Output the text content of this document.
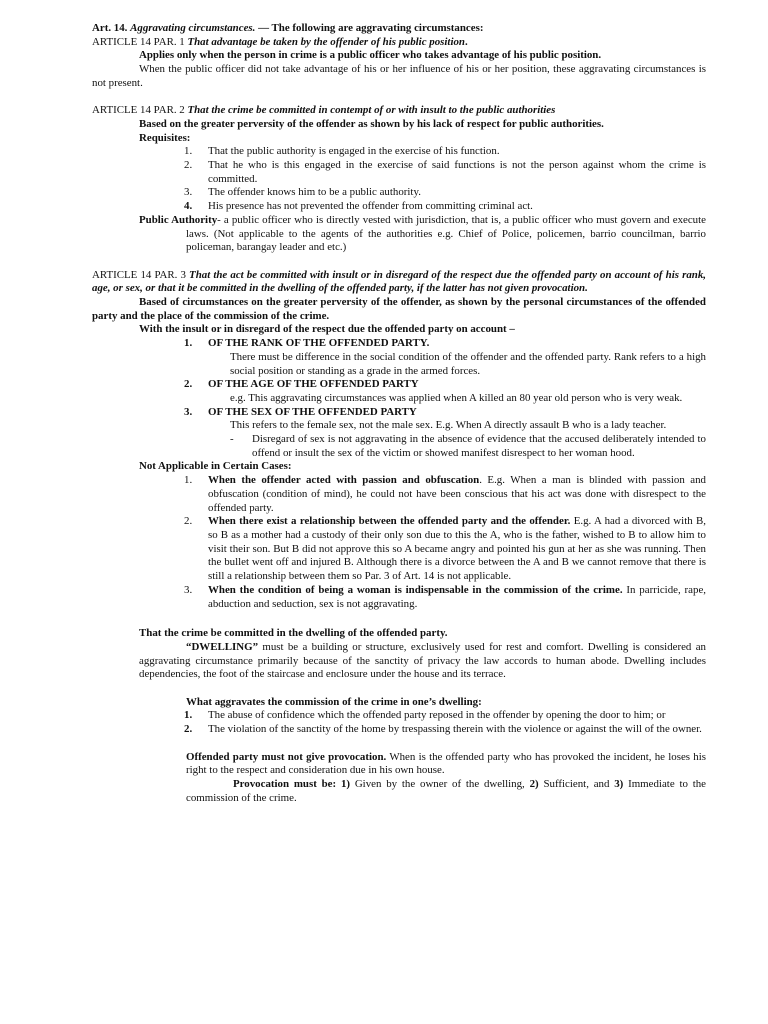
Art. 14. Aggravating circumstances. — The following are aggravating circumstances:

ARTICLE 14 PAR. 1 That advantage be taken by the offender of his public position.

Applies only when the person in crime is a public officer who takes advantage of his public position.

When the public officer did not take advantage of his or her influence of his or her position, these aggravating circumstances is not present.

ARTICLE 14 PAR. 2 That the crime be committed in contempt of or with insult to the public authorities

Based on the greater perversity of the offender as shown by his lack of respect for public authorities.

Requisites:

1. That the public authority is engaged in the exercise of his function.
2. That he who is this engaged in the exercise of said functions is not the person against whom the crime is committed.
3. The offender knows him to be a public authority.
4. His presence has not prevented the offender from committing criminal act.

Public Authority- a public officer who is directly vested with jurisdiction, that is, a public officer who must govern and execute laws. (Not applicable to the agents of the authorities e.g. Chief of Police, policemen, barrio councilman, barrio policeman, barangay leader and etc.)

ARTICLE 14 PAR. 3 That the act be committed with insult or in disregard of the respect due the offended party on account of his rank, age, or sex, or that it be committed in the dwelling of the offended party, if the latter has not given provocation.

Based of circumstances on the greater perversity of the offender, as shown by the personal circumstances of the offended party and the place of the commission of the crime.

With the insult or in disregard of the respect due the offended party on account –

1. OF THE RANK OF THE OFFENDED PARTY.

There must be difference in the social condition of the offender and the offended party. Rank refers to a high social position or standing as a grade in the armed forces.

2. OF THE AGE OF THE OFFENDED PARTY

e.g. This aggravating circumstances was applied when A killed an 80 year old person who is very weak.

3. OF THE SEX OF THE OFFENDED PARTY

This refers to the female sex, not the male sex. E.g. When A directly assault B who is a lady teacher.

- Disregard of sex is not aggravating in the absence of evidence that the accused deliberately intended to offend or insult the sex of the victim or showed manifest disrespect to her woman hood.

Not Applicable in Certain Cases:

1. When the offender acted with passion and obfuscation. E.g. When a man is blinded with passion and obfuscation (condition of mind), he could not have been conscious that his act was done with disrespect to the offended party.
2. When there exist a relationship between the offended party and the offender. E.g. A had a divorced with B, so B as a mother had a custody of their only son due to this the A, who is the father, wished to B to allow him to visit their son. But B did not approve this so A became angry and pointed his gun at her as she was running. Then the bullet went off and injured B. Although there is a divorce between the A and B we cannot remove that there is still a relationship between them so Par. 3 of Art. 14 is not applicable.
3. When the condition of being a woman is indispensable in the commission of the crime. In parricide, rape, abduction and seduction, sex is not aggravating.

That the crime be committed in the dwelling of the offended party.

“DWELLING” must be a building or structure, exclusively used for rest and comfort. Dwelling is considered an aggravating circumstance primarily because of the sanctity of privacy the law accords to human abode. Dwelling includes dependencies, the foot of the staircase and enclosure under the house and its terrace.

What aggravates the commission of the crime in one’s dwelling:

1. The abuse of confidence which the offended party reposed in the offender by opening the door to him; or
2. The violation of the sanctity of the home by trespassing therein with the violence or against the will of the owner.

Offended party must not give provocation. When is the offended party who has provoked the incident, he loses his right to the respect and consideration due in his own house.

Provocation must be: 1) Given by the owner of the dwelling, 2) Sufficient, and 3) Immediate to the commission of the crime.
